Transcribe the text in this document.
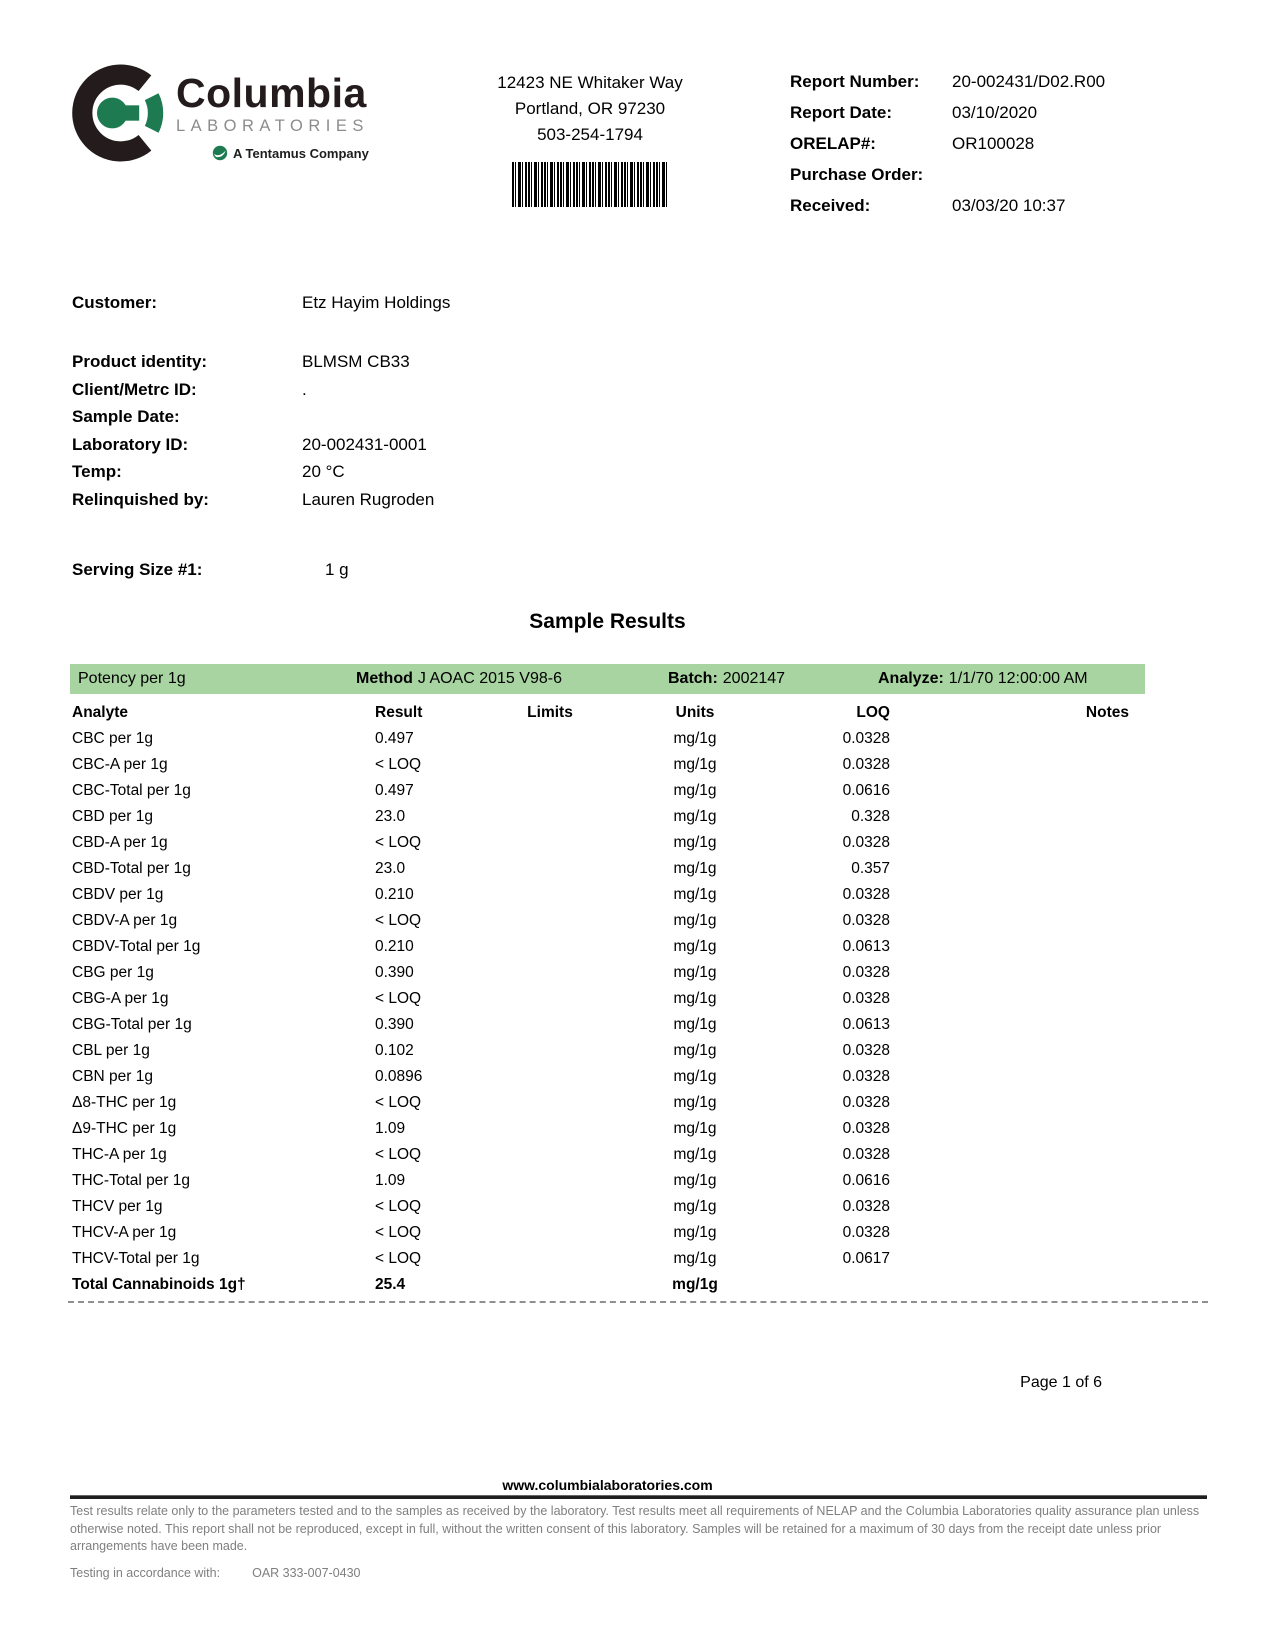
Columbia
LABORATORIES
A Tentamus Company
12423 NE Whitaker Way
Portland, OR 97230
503-254-1794
Report Number:	20-002431/D02.R00
Report Date:	03/10/2020
ORELAP#:	OR100028
Purchase Order:
Received:	03/03/20 10:37
Customer:	Etz Hayim Holdings
Product identity:	BLMSM CB33
Client/Metrc ID:	.
Sample Date:
Laboratory ID:	20-002431-0001
Temp:	20 °C
Relinquished by:	Lauren Rugroden
Serving Size #1:	1 g
Sample Results
Potency per 1g	Method J AOAC 2015 V98-6	Batch: 2002147	Analyze: 1/1/70 12:00:00 AM
Analyte	Result	Limits	Units	LOQ	Notes
CBC per 1g	0.497	mg/1g	0.0328
CBC-A per 1g	< LOQ	mg/1g	0.0328
CBC-Total per 1g	0.497	mg/1g	0.0616
CBD per 1g	23.0	mg/1g	0.328
CBD-A per 1g	< LOQ	mg/1g	0.0328
CBD-Total per 1g	23.0	mg/1g	0.357
CBDV per 1g	0.210	mg/1g	0.0328
CBDV-A per 1g	< LOQ	mg/1g	0.0328
CBDV-Total per 1g	0.210	mg/1g	0.0613
CBG per 1g	0.390	mg/1g	0.0328
CBG-A per 1g	< LOQ	mg/1g	0.0328
CBG-Total per 1g	0.390	mg/1g	0.0613
CBL per 1g	0.102	mg/1g	0.0328
CBN per 1g	0.0896	mg/1g	0.0328
Δ8-THC per 1g	< LOQ	mg/1g	0.0328
Δ9-THC per 1g	1.09	mg/1g	0.0328
THC-A per 1g	< LOQ	mg/1g	0.0328
THC-Total per 1g	1.09	mg/1g	0.0616
THCV per 1g	< LOQ	mg/1g	0.0328
THCV-A per 1g	< LOQ	mg/1g	0.0328
THCV-Total per 1g	< LOQ	mg/1g	0.0617
Total Cannabinoids 1g†	25.4	mg/1g
Page 1 of 6
www.columbialaboratories.com
Test results relate only to the parameters tested and to the samples as received by the laboratory. Test results meet all requirements of NELAP and the Columbia Laboratories quality assurance plan unless otherwise noted. This report shall not be reproduced, except in full, without the written consent of this laboratory. Samples will be retained for a maximum of 30 days from the receipt date unless prior arrangements have been made.
Testing in accordance with:	OAR 333-007-0430
